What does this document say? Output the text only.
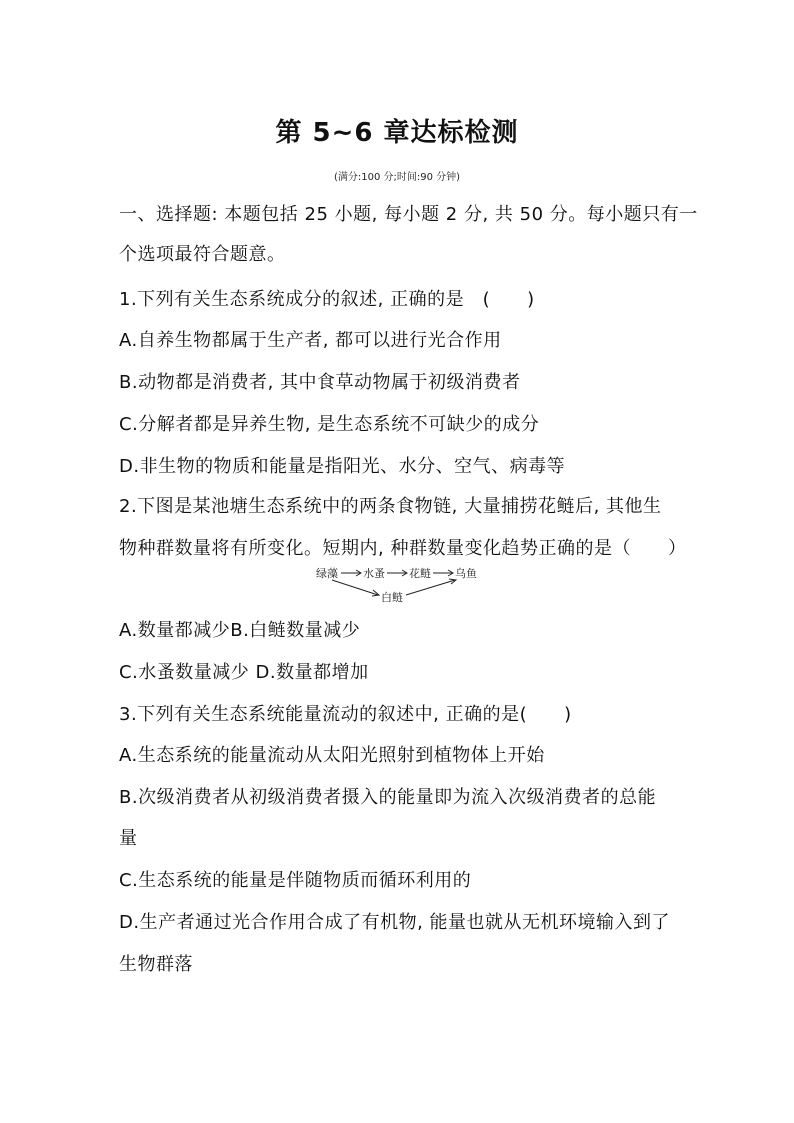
第 5~6 章达标检测
(满分:100 分;时间:90 分钟)
一、选择题: 本题包括 25 小题, 每小题 2 分, 共 50 分。每小题只有一
个选项最符合题意。
1.下列有关生态系统成分的叙述, 正确的是　(　　)
A.自养生物都属于生产者, 都可以进行光合作用
B.动物都是消费者, 其中食草动物属于初级消费者
C.分解者都是异养生物, 是生态系统不可缺少的成分
D.非生物的物质和能量是指阳光、水分、空气、病毒等
2.下图是某池塘生态系统中的两条食物链, 大量捕捞花鲢后, 其他生
物种群数量将有所变化。短期内, 种群数量变化趋势正确的是（　　）
绿藻 水蚤 花鲢 乌鱼
白鲢
A.数量都减少B.白鲢数量减少
C.水蚤数量减少 D.数量都增加
3.下列有关生态系统能量流动的叙述中, 正确的是(　　)
A.生态系统的能量流动从太阳光照射到植物体上开始
B.次级消费者从初级消费者摄入的能量即为流入次级消费者的总能
量
C.生态系统的能量是伴随物质而循环利用的
D.生产者通过光合作用合成了有机物, 能量也就从无机环境输入到了
生物群落
